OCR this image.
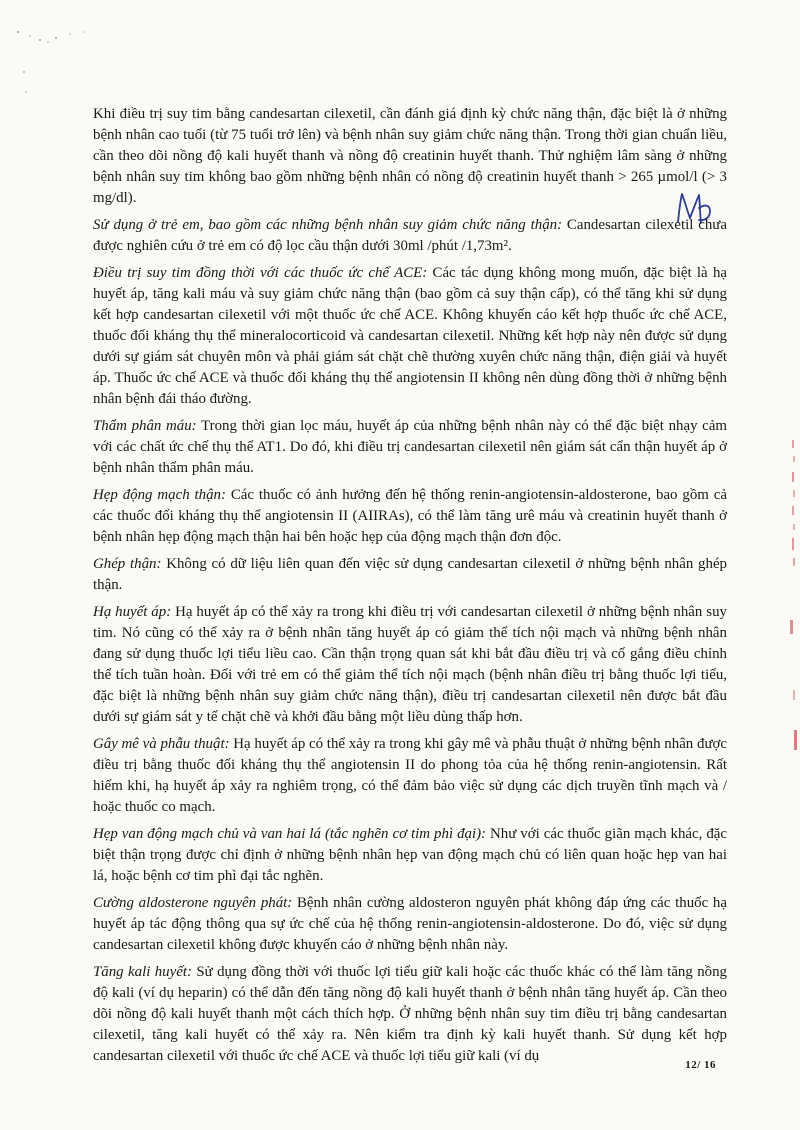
Khi điều trị suy tim bằng candesartan cilexetil, cần đánh giá định kỳ chức năng thận, đặc biệt là ở những bệnh nhân cao tuổi (từ 75 tuổi trở lên) và bệnh nhân suy giảm chức năng thận. Trong thời gian chuẩn liều, cần theo dõi nồng độ kali huyết thanh và nồng độ creatinin huyết thanh. Thử nghiệm lâm sàng ở những bệnh nhân suy tim không bao gồm những bệnh nhân có nồng độ creatinin huyết thanh > 265 µmol/l (> 3 mg/dl).

Sử dụng ở trẻ em, bao gồm các những bệnh nhân suy giảm chức năng thận: Candesartan cilexetil chưa được nghiên cứu ở trẻ em có độ lọc cầu thận dưới 30ml /phút /1,73m².

Điều trị suy tim đồng thời với các thuốc ức chế ACE: Các tác dụng không mong muốn, đặc biệt là hạ huyết áp, tăng kali máu và suy giảm chức năng thận (bao gồm cả suy thận cấp), có thể tăng khi sử dụng kết hợp candesartan cilexetil với một thuốc ức chế ACE. Không khuyến cáo kết hợp thuốc ức chế ACE, thuốc đối kháng thụ thể mineralocorticoid và candesartan cilexetil. Những kết hợp này nên được sử dụng dưới sự giám sát chuyên môn và phải giám sát chặt chẽ thường xuyên chức năng thận, điện giải và huyết áp. Thuốc ức chế ACE và thuốc đối kháng thụ thể angiotensin II không nên dùng đồng thời ở những bệnh nhân bệnh đái tháo đường.

Thẩm phân máu: Trong thời gian lọc máu, huyết áp của những bệnh nhân này có thể đặc biệt nhạy cảm với các chất ức chế thụ thể AT1. Do đó, khi điều trị candesartan cilexetil nên giám sát cẩn thận huyết áp ở bệnh nhân thẩm phân máu.

Hẹp động mạch thận: Các thuốc có ảnh hưởng đến hệ thống renin-angiotensin-aldosterone, bao gồm cả các thuốc đối kháng thụ thể angiotensin II (AIIRAs), có thể làm tăng urê máu và creatinin huyết thanh ở bệnh nhân hẹp động mạch thận hai bên hoặc hẹp của động mạch thận đơn độc.

Ghép thận: Không có dữ liệu liên quan đến việc sử dụng candesartan cilexetil ở những bệnh nhân ghép thận.

Hạ huyết áp: Hạ huyết áp có thể xảy ra trong khi điều trị với candesartan cilexetil ở những bệnh nhân suy tim. Nó cũng có thể xảy ra ở bệnh nhân tăng huyết áp có giảm thể tích nội mạch và những bệnh nhân đang sử dụng thuốc lợi tiểu liều cao. Cần thận trọng quan sát khi bắt đầu điều trị và cố gắng điều chỉnh thể tích tuần hoàn. Đối với trẻ em có thể giảm thể tích nội mạch (bệnh nhân điều trị bằng thuốc lợi tiểu, đặc biệt là những bệnh nhân suy giảm chức năng thận), điều trị candesartan cilexetil nên được bắt đầu dưới sự giám sát y tế chặt chẽ và khởi đầu bằng một liều dùng thấp hơn.

Gây mê và phẫu thuật: Hạ huyết áp có thể xảy ra trong khi gây mê và phẫu thuật ở những bệnh nhân được điều trị bằng thuốc đối kháng thụ thể angiotensin II do phong tỏa của hệ thống renin-angiotensin. Rất hiếm khi, hạ huyết áp xảy ra nghiêm trọng, có thể đảm bảo việc sử dụng các dịch truyền tĩnh mạch và / hoặc thuốc co mạch.

Hẹp van động mạch chủ và van hai lá (tắc nghẽn cơ tim phì đại): Như với các thuốc giãn mạch khác, đặc biệt thận trọng được chỉ định ở những bệnh nhân hẹp van động mạch chủ có liên quan hoặc hẹp van hai lá, hoặc bệnh cơ tim phì đại tắc nghẽn.

Cường aldosterone nguyên phát: Bệnh nhân cường aldosteron nguyên phát không đáp ứng các thuốc hạ huyết áp tác động thông qua sự ức chế của hệ thống renin-angiotensin-aldosterone. Do đó, việc sử dụng candesartan cilexetil không được khuyến cáo ở những bệnh nhân này.

Tăng kali huyết: Sử dụng đồng thời với thuốc lợi tiểu giữ kali hoặc các thuốc khác có thể làm tăng nồng độ kali (ví dụ heparin) có thể dẫn đến tăng nồng độ kali huyết thanh ở bệnh nhân tăng huyết áp. Cần theo dõi nồng độ kali huyết thanh một cách thích hợp. Ở những bệnh nhân suy tim điều trị bằng candesartan cilexetil, tăng kali huyết có thể xảy ra. Nên kiểm tra định kỳ kali huyết thanh. Sử dụng kết hợp candesartan cilexetil với thuốc ức chế ACE và thuốc lợi tiểu giữ kali (ví dụ

12/ 16
